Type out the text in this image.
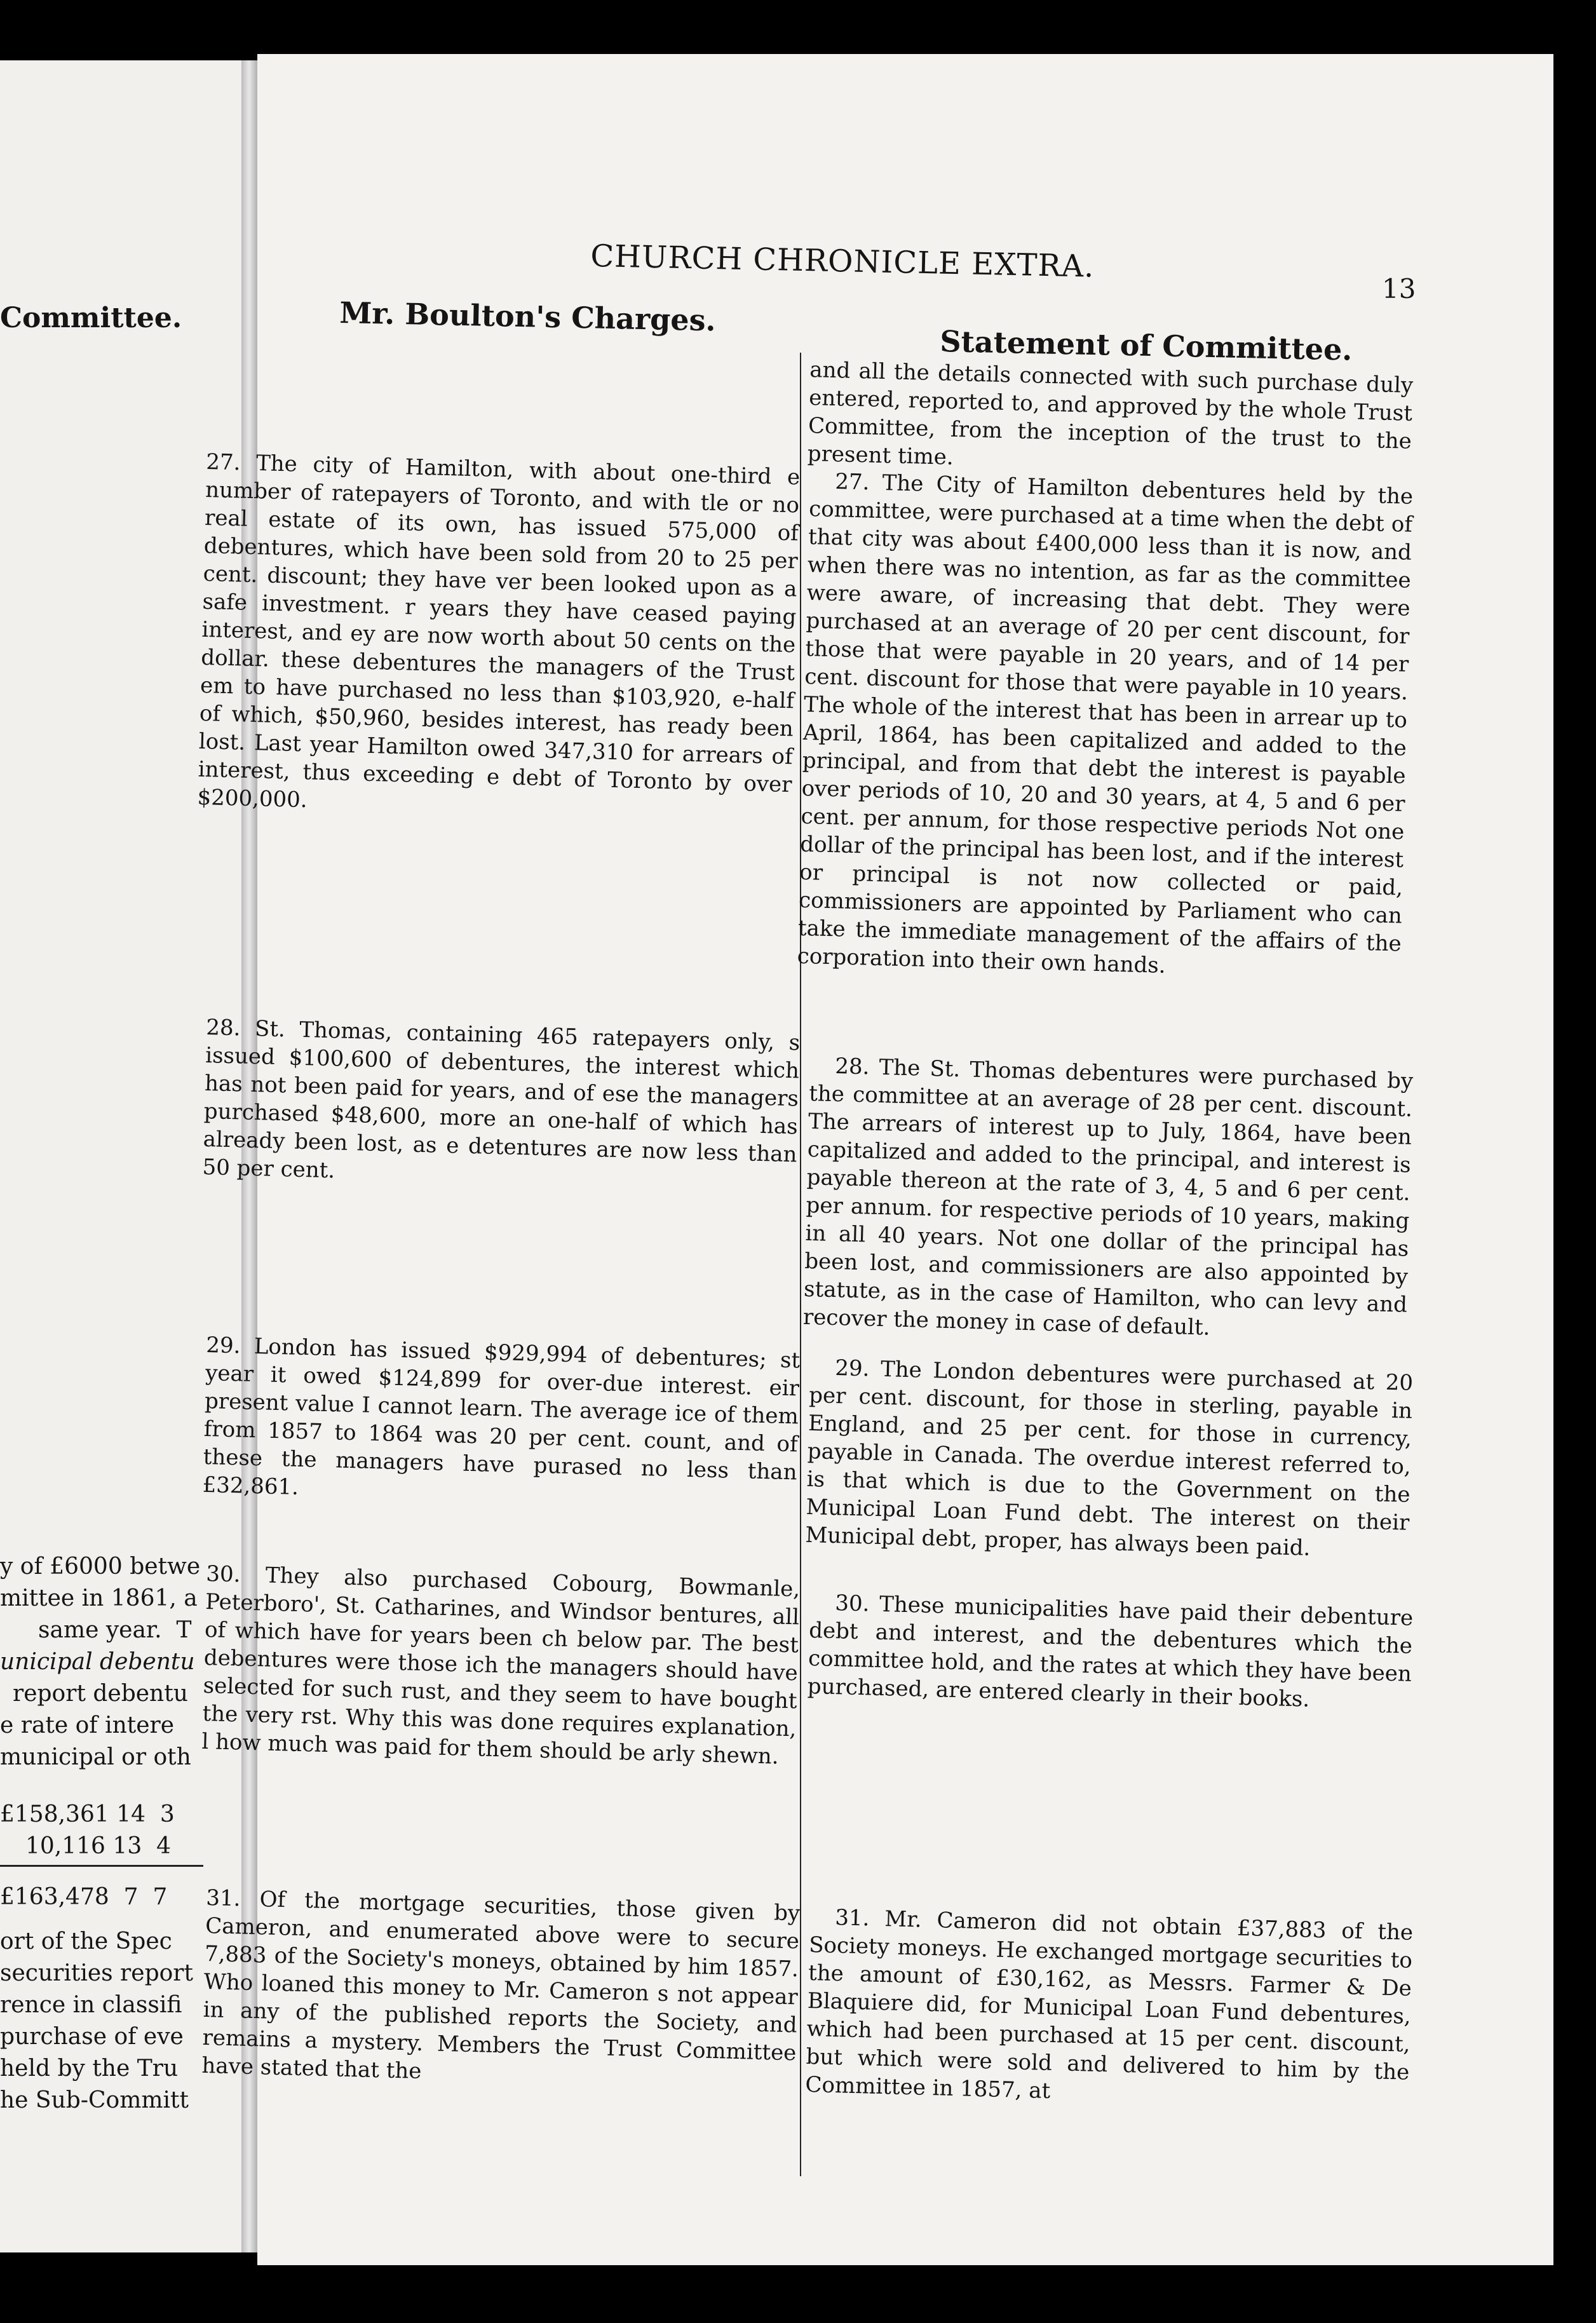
Committee.
y of £6000 betwe
mittee in 1861, a
same year.  T
unicipal debentu
report debentu
e rate of intere
municipal or oth
£158,361 14  3
10,116 13  4
£163,478  7  7
ort of the Spec
securities report
rence in classifi
purchase of eve
held by the Tru
he Sub-Committ
CHURCH CHRONICLE EXTRA.
13
Mr. Boulton's Charges.
Statement of Committee.

27. The city of Hamilton, with about one-third e number of ratepayers of Toronto, and with tle or no real estate of its own, has issued 575,000 of debentures, which have been sold from 20 to 25 per cent. discount; they have ver been looked upon as a safe investment. r years they have ceased paying interest, and ey are now worth about 50 cents on the dollar. these debentures the managers of the Trust em to have purchased no less than $103,920, e-half of which, $50,960, besides interest, has ready been lost. Last year Hamilton owed 347,310 for arrears of interest, thus exceeding e debt of Toronto by over $200,000.

28. St. Thomas, containing 465 ratepayers only, s issued $100,600 of debentures, the interest which has not been paid for years, and of ese the managers purchased $48,600, more an one-half of which has already been lost, as e detentures are now less than 50 per cent.

29. London has issued $929,994 of debentures; st year it owed $124,899 for over-due interest. eir present value I cannot learn. The average ice of them from 1857 to 1864 was 20 per cent. count, and of these the managers have purased no less than £32,861.

30. They also purchased Cobourg, Bowmanle, Peterboro', St. Catharines, and Windsor bentures, all of which have for years been ch below par. The best debentures were those ich the managers should have selected for such rust, and they seem to have bought the very rst. Why this was done requires explanation, l how much was paid for them should be arly shewn.

31. Of the mortgage securities, those given by Cameron, and enumerated above were to secure 7,883 of the Society's moneys, obtained by him 1857. Who loaned this money to Mr. Cameron s not appear in any of the published reports the Society, and remains a mystery. Members the Trust Committee have stated that the

and all the details connected with such purchase duly entered, reported to, and approved by the whole Trust Committee, from the inception of the trust to the present time.

27. The City of Hamilton debentures held by the committee, were purchased at a time when the debt of that city was about £400,000 less than it is now, and when there was no intention, as far as the committee were aware, of increasing that debt. They were purchased at an average of 20 per cent discount, for those that were payable in 20 years, and of 14 per cent. discount for those that were payable in 10 years. The whole of the interest that has been in arrear up to April, 1864, has been capitalized and added to the principal, and from that debt the interest is payable over periods of 10, 20 and 30 years, at 4, 5 and 6 per cent. per annum, for those respective periods Not one dollar of the principal has been lost, and if the interest or principal is not now collected or paid, commissioners are appointed by Parliament who can take the immediate management of the affairs of the corporation into their own hands.

28. The St. Thomas debentures were purchased by the committee at an average of 28 per cent. discount. The arrears of interest up to July, 1864, have been capitalized and added to the principal, and interest is payable thereon at the rate of 3, 4, 5 and 6 per cent. per annum. for respective periods of 10 years, making in all 40 years. Not one dollar of the principal has been lost, and commissioners are also appointed by statute, as in the case of Hamilton, who can levy and recover the money in case of default.

29. The London debentures were purchased at 20 per cent. discount, for those in sterling, payable in England, and 25 per cent. for those in currency, payable in Canada. The overdue interest referred to, is that which is due to the Government on the Municipal Loan Fund debt. The interest on their Municipal debt, proper, has always been paid.

30. These municipalities have paid their debenture debt and interest, and the debentures which the committee hold, and the rates at which they have been purchased, are entered clearly in their books.

31. Mr. Cameron did not obtain £37,883 of the Society moneys. He exchanged mortgage securities to the amount of £30,162, as Messrs. Farmer & De Blaquiere did, for Municipal Loan Fund debentures, which had been purchased at 15 per cent. discount, but which were sold and delivered to him by the Committee in 1857, at
